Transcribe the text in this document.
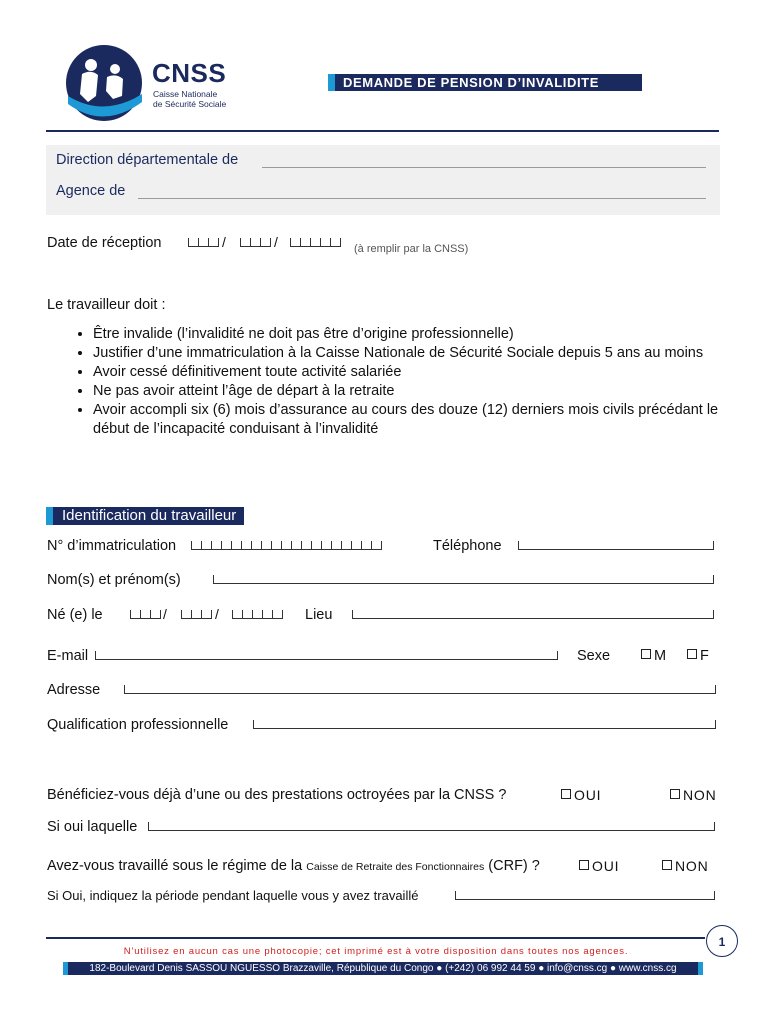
CNSS
Caisse Nationale
de Sécurité Sociale
DEMANDE DE PENSION D’INVALIDITE
Direction départementale de
Agence de
Date de réception	/	/	(à remplir par la CNSS)
Le travailleur doit :
• Être invalide (l’invalidité ne doit pas être d’origine professionnelle)
• Justifier d’une immatriculation à la Caisse Nationale de Sécurité Sociale depuis 5 ans au moins
• Avoir cessé définitivement toute activité salariée
• Ne pas avoir atteint l’âge de départ à la retraite
• Avoir accompli six (6) mois d’assurance au cours des douze (12) derniers mois civils précédant le début de l’incapacité conduisant à l’invalidité
Identification du travailleur
N° d’immatriculation	Téléphone
Nom(s) et prénom(s)
Né (e) le	/	/	Lieu
E-mail	Sexe	M	F
Adresse
Qualification professionnelle
Bénéficiez-vous déjà d’une ou des prestations octroyées par la CNSS ?	OUI	NON
Si oui laquelle
Avez-vous travaillé sous le régime de la Caisse de Retraite des Fonctionnaires (CRF) ?	OUI	NON
Si Oui, indiquez la période pendant laquelle vous y avez travaillé
1
N’utilisez en aucun cas une photocopie; cet imprimé est à votre disposition dans toutes nos agences.
182-Boulevard Denis SASSOU NGUESSO Brazzaville, République du Congo ● (+242) 06 992 44 59 ● info@cnss.cg ● www.cnss.cg
